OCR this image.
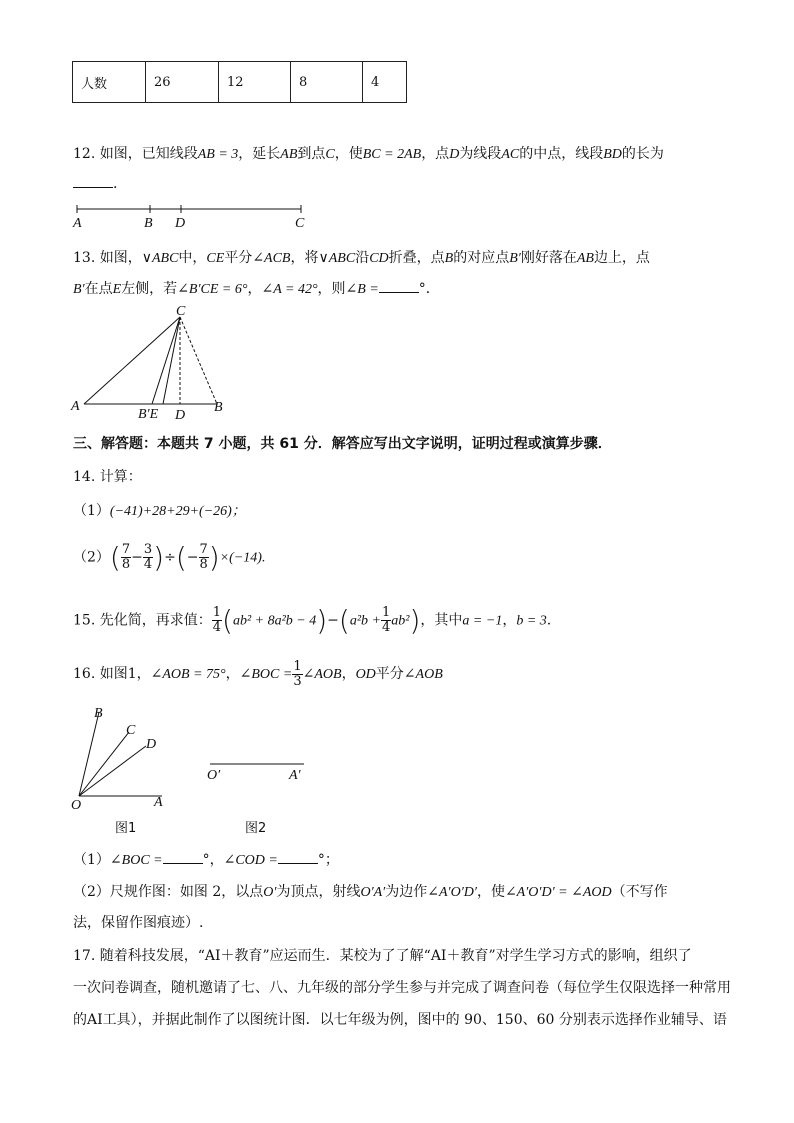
人数	26	12	8	4
12. 如图，已知线段AB = 3，延长AB到点C，使BC = 2AB，点D为线段AC的中点，线段BD的长为
.
A	B D	C
13. 如图，∨ABC中，CE平分∠ACB，将∨ABC沿CD折叠，点B的对应点B′刚好落在AB边上，点
B′在点E左侧，若∠B′CE = 6°，∠A = 42°，则∠B =	°．
C
A
B′E D
B
三、解答题：本题共 7 小题，共 61 分．解答应写出文字说明，证明过程或演算步骤．
14. 计算：
（1）(−41)+28+29+(−26)；
$(2)( \frac{7}{8} - \frac{3}{4}$ )÷(− $\frac{7}{8} )\times(-14)$.
15. 先化简，再求值： $\frac{1}{4} (ab^2 + 8a^2b - 4)-(a^2b + \frac{1}{4} ab^2)$，其中a = −1，b = 3.
16. 如图1，∠AOB = 75°，∠BOC = $\frac{1}{3}$ ∠AOB，OD平分∠AOB
B
C
D
O	A
O′	A′
图1	图2
（1）∠BOC =	°，∠COD =	°；
（2）尺规作图：如图 2，以点O′为顶点，射线O′A′为边作∠A′O′D′，使∠A′O′D′ = ∠AOD（不写作
法，保留作图痕迹）.
17. 随着科技发展，“AI＋教育”应运而生．某校为了了解“AI＋教育”对学生学习方式的影响，组织了
一次问卷调查，随机邀请了七、八、九年级的部分学生参与并完成了调查问卷（每位学生仅限选择一种常用
的AI工具），并据此制作了以图统计图．以七年级为例，图中的 90、150、60 分别表示选择作业辅导、语
